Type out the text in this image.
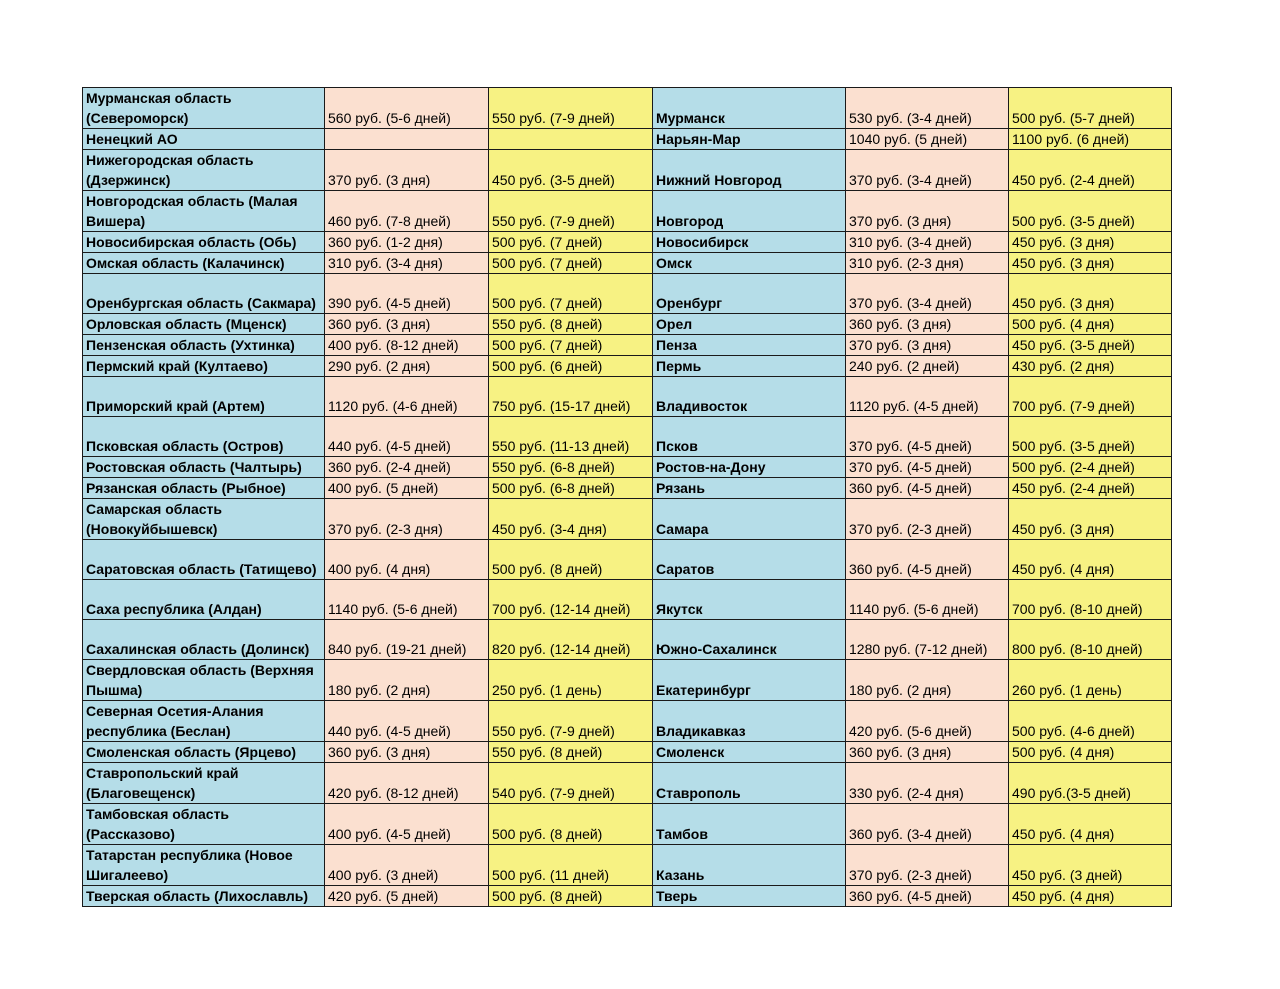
Мурманская область
(Североморск)	560 руб. (5-6 дней)	550 руб. (7-9 дней)	Мурманск	530 руб. (3-4 дней)	500 руб. (5-7 дней)
Ненецкий АО			Нарьян-Мар	1040 руб. (5 дней)	1100 руб. (6 дней)
Нижегородская область
(Дзержинск)	370 руб. (3 дня)	450 руб. (3-5 дней)	Нижний Новгород	370 руб. (3-4 дней)	450 руб. (2-4 дней)
Новгородская область (Малая
Вишера)	460 руб. (7-8 дней)	550 руб. (7-9 дней)	Новгород	370 руб. (3 дня)	500 руб. (3-5 дней)
Новосибирская область (Обь)	360 руб. (1-2 дня)	500 руб. (7 дней)	Новосибирск	310 руб. (3-4 дней)	450 руб. (3 дня)
Омская область (Калачинск)	310 руб. (3-4 дня)	500 руб. (7 дней)	Омск	310 руб. (2-3 дня)	450 руб. (3 дня)
Оренбургская область (Сакмара)	390 руб. (4-5 дней)	500 руб. (7 дней)	Оренбург	370 руб. (3-4 дней)	450 руб. (3 дня)
Орловская область (Мценск)	360 руб. (3 дня)	550 руб. (8 дней)	Орел	360 руб. (3 дня)	500 руб. (4 дня)
Пензенская область (Ухтинка)	400 руб. (8-12 дней)	500 руб. (7 дней)	Пенза	370 руб. (3 дня)	450 руб. (3-5 дней)
Пермский край (Култаево)	290 руб. (2 дня)	500 руб. (6 дней)	Пермь	240 руб. (2 дней)	430 руб. (2 дня)
Приморский край (Артем)	1120 руб. (4-6 дней)	750 руб. (15-17 дней)	Владивосток	1120 руб. (4-5 дней)	700 руб. (7-9 дней)
Псковская область (Остров)	440 руб. (4-5 дней)	550 руб. (11-13 дней)	Псков	370 руб. (4-5 дней)	500 руб. (3-5 дней)
Ростовская область (Чалтырь)	360 руб. (2-4 дней)	550 руб. (6-8 дней)	Ростов-на-Дону	370 руб. (4-5 дней)	500 руб. (2-4 дней)
Рязанская область (Рыбное)	400 руб. (5 дней)	500 руб. (6-8 дней)	Рязань	360 руб. (4-5 дней)	450 руб. (2-4 дней)
Самарская область
(Новокуйбышевск)	370 руб. (2-3 дня)	450 руб. (3-4 дня)	Самара	370 руб. (2-3 дней)	450 руб. (3 дня)
Саратовская область (Татищево)	400 руб. (4 дня)	500 руб. (8 дней)	Саратов	360 руб. (4-5 дней)	450 руб. (4 дня)
Саха республика (Алдан)	1140 руб. (5-6 дней)	700 руб. (12-14 дней)	Якутск	1140 руб. (5-6 дней)	700 руб. (8-10 дней)
Сахалинская область (Долинск)	840 руб. (19-21 дней)	820 руб. (12-14 дней)	Южно-Сахалинск	1280 руб. (7-12 дней)	800 руб. (8-10 дней)
Свердловская область (Верхняя
Пышма)	180 руб. (2 дня)	250 руб. (1 день)	Екатеринбург	180 руб. (2 дня)	260 руб. (1 день)
Северная Осетия-Алания
республика (Беслан)	440 руб. (4-5 дней)	550 руб. (7-9 дней)	Владикавказ	420 руб. (5-6 дней)	500 руб. (4-6 дней)
Смоленская область (Ярцево)	360 руб. (3 дня)	550 руб. (8 дней)	Смоленск	360 руб. (3 дня)	500 руб. (4 дня)
Ставропольский край
(Благовещенск)	420 руб. (8-12 дней)	540 руб. (7-9 дней)	Ставрополь	330 руб. (2-4 дня)	490 руб.(3-5 дней)
Тамбовская область (Рассказово)	400 руб. (4-5 дней)	500 руб. (8 дней)	Тамбов	360 руб. (3-4 дней)	450 руб. (4 дня)
Татарстан республика (Новое
Шигалеево)	400 руб. (3 дней)	500 руб. (11 дней)	Казань	370 руб. (2-3 дней)	450 руб. (3 дней)
Тверская область (Лихославль)	420 руб. (5 дней)	500 руб. (8 дней)	Тверь	360 руб. (4-5 дней)	450 руб. (4 дня)
